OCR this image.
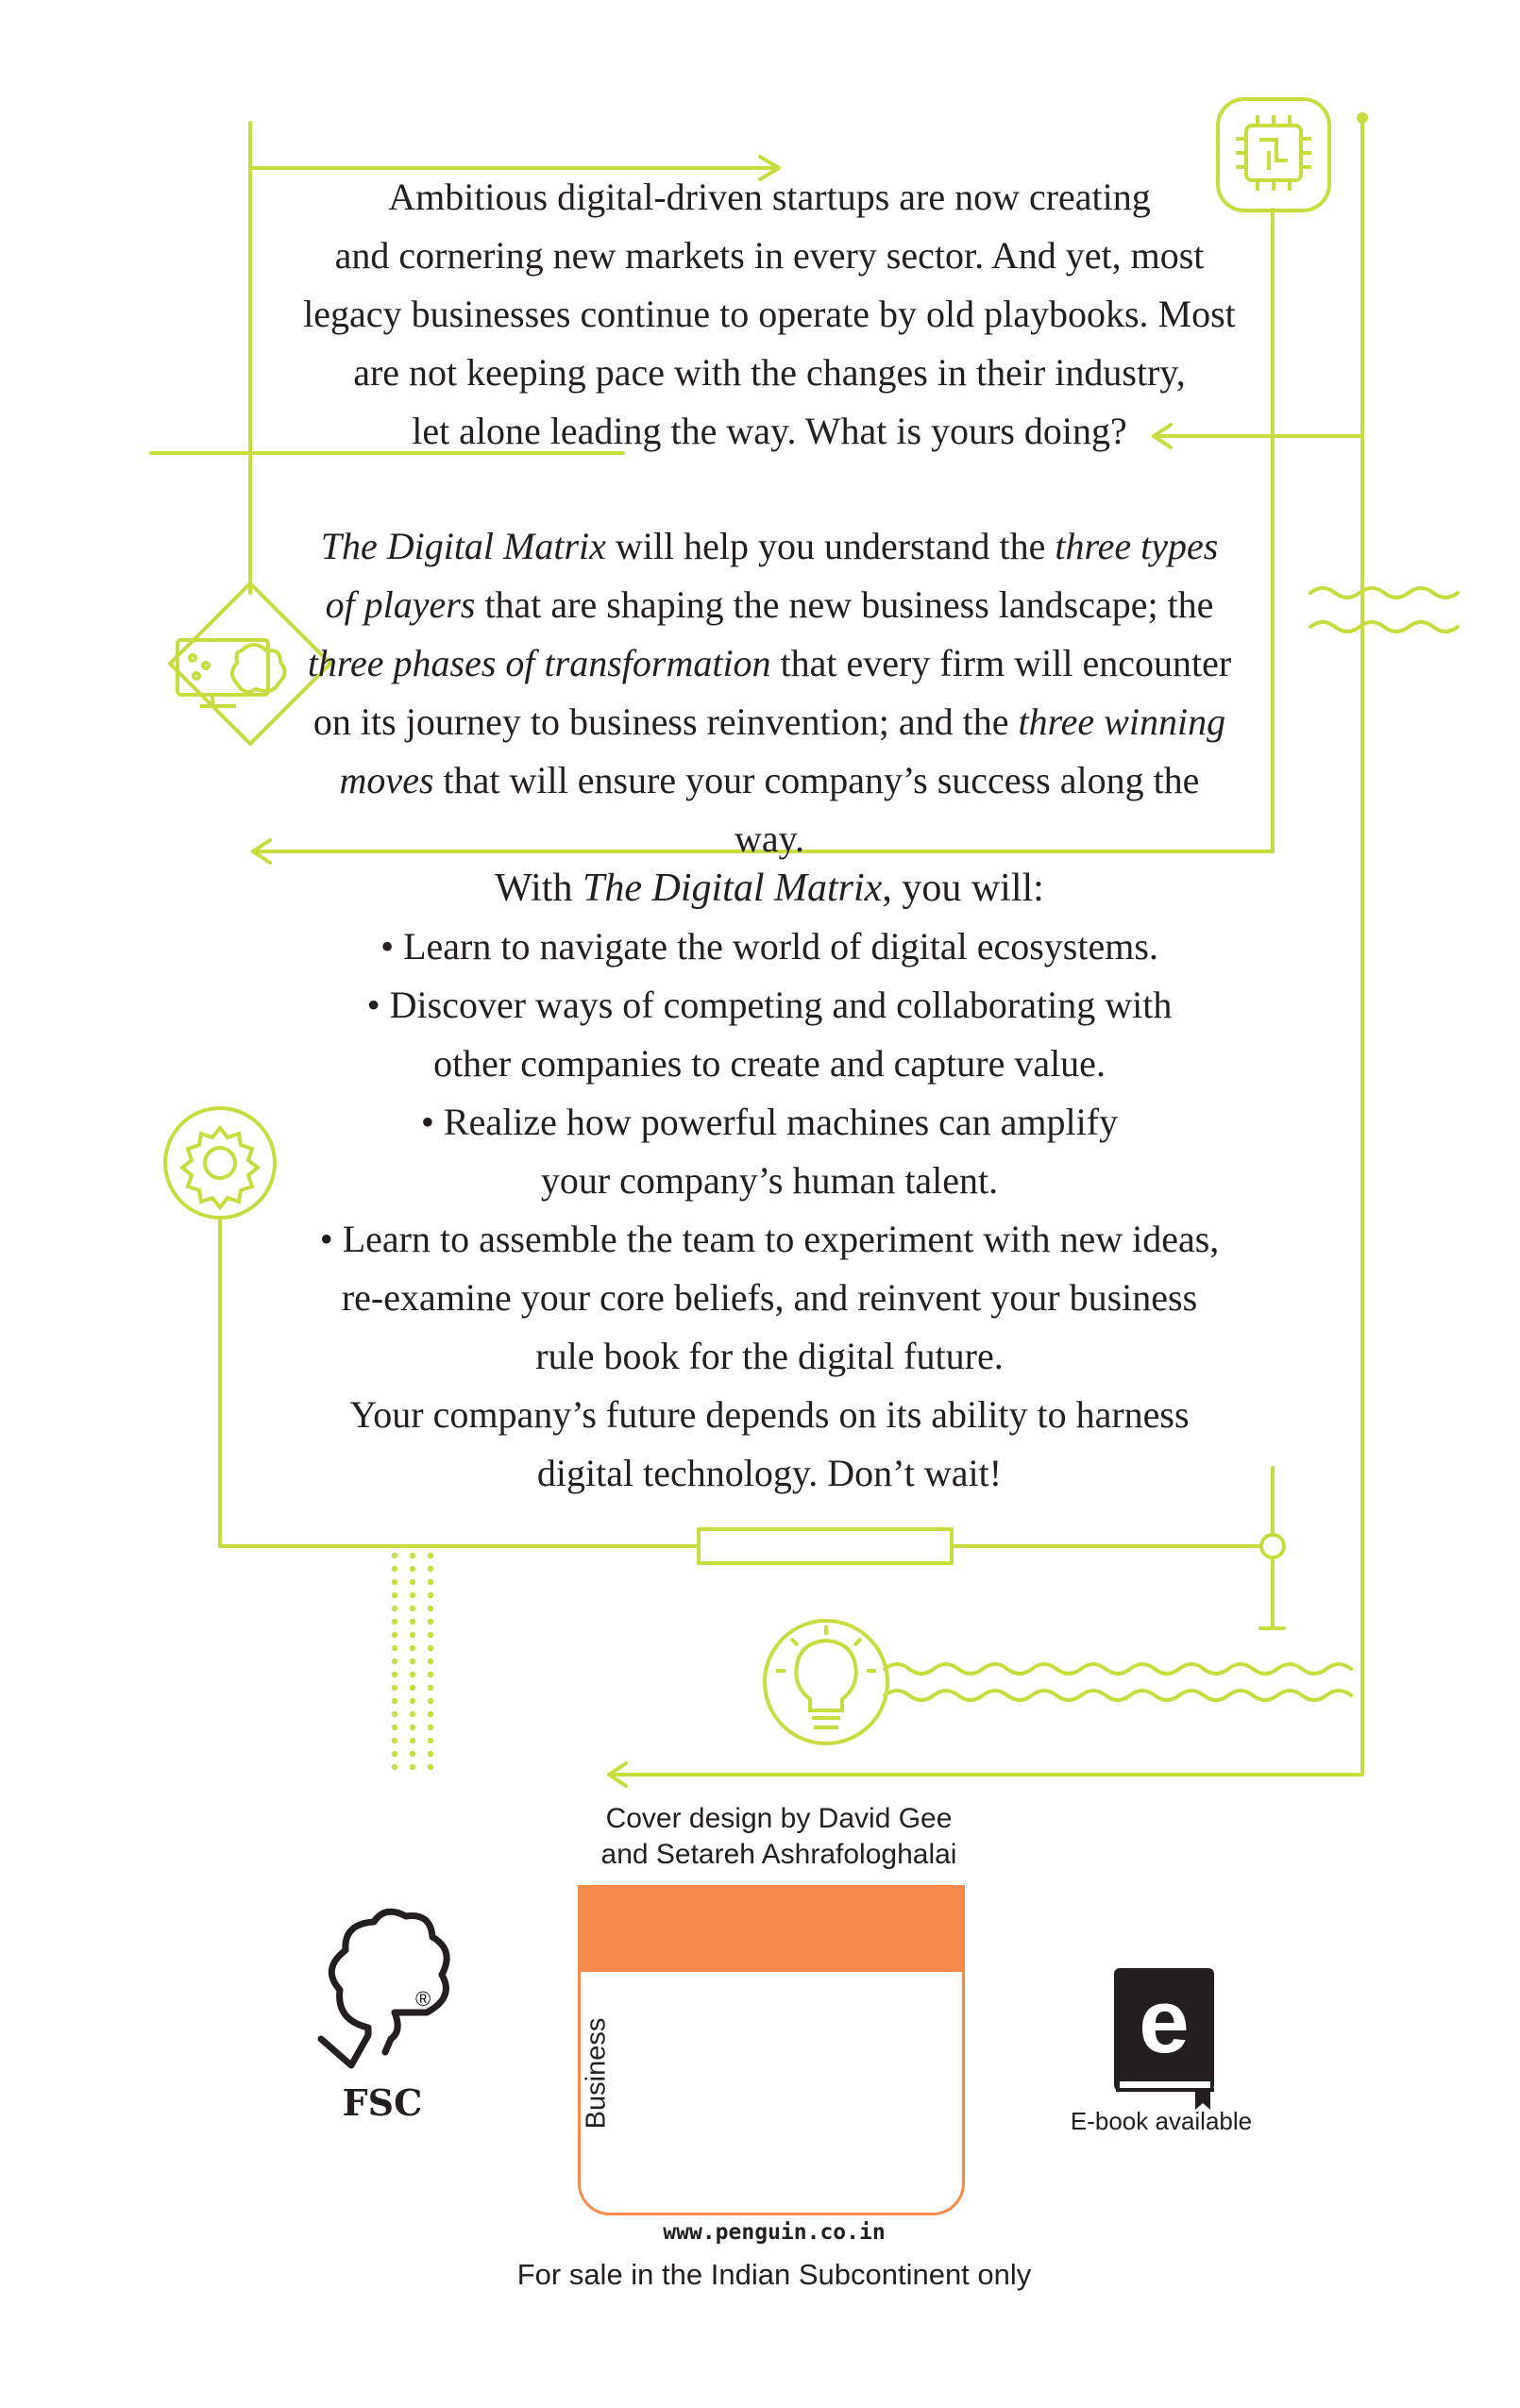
Ambitious digital-driven startups are now creating
and cornering new markets in every sector. And yet, most
legacy businesses continue to operate by old playbooks. Most
are not keeping pace with the changes in their industry,
let alone leading the way. What is yours doing?
The Digital Matrix will help you understand the three types
of players that are shaping the new business landscape; the
three phases of transformation that every firm will encounter
on its journey to business reinvention; and the three winning
moves that will ensure your company’s success along the way.
With The Digital Matrix, you will:
• Learn to navigate the world of digital ecosystems.
• Discover ways of competing and collaborating with
other companies to create and capture value.
• Realize how powerful machines can amplify
your company’s human talent.
• Learn to assemble the team to experiment with new ideas,
re-examine your core beliefs, and reinvent your business
rule book for the digital future.
Your company’s future depends on its ability to harness
digital technology. Don’t wait!
Cover design by David Gee
and Setareh Ashrafologhalai
Business
FSC
®	e
E-book available
www.penguin.co.in
For sale in the Indian Subcontinent only
